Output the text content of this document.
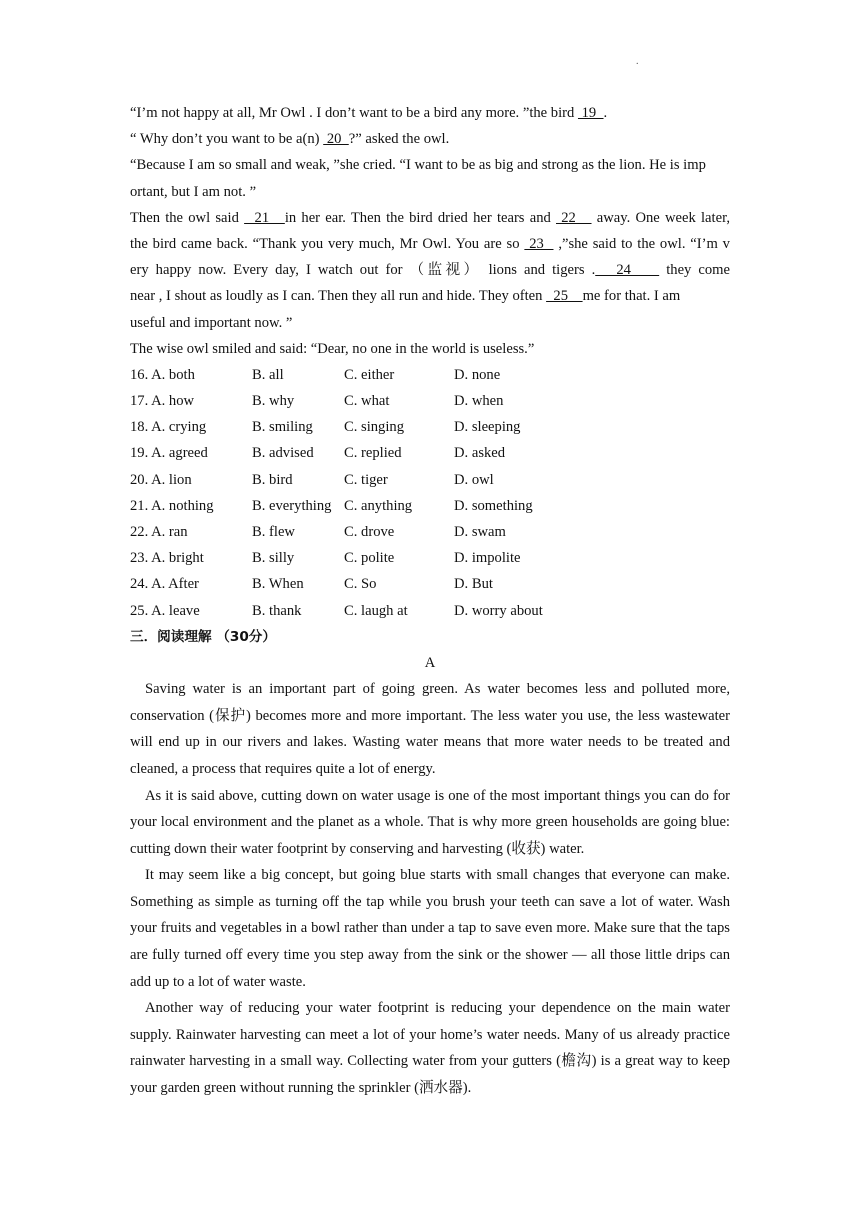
.
“I’m not happy at all, Mr Owl . I don’t want to be a bird any more. ”the bird  19  .
“ Why don’t you want to be a(n)  20  ?” asked the owl.
“Because I am so small and weak, ”she cried. “I want to be as big and strong as the lion. He is imp
ortant, but I am not. ”
Then the owl said   21   in her ear. Then the bird dried her tears and  22    away. One week later,
the bird came back. “Thank you very much, Mr Owl. You are so  23   ,”she said to the owl. “I’m v
ery happy now. Every day, I watch out for （监视） lions and tigers .   24     they come
near , I shout as loudly as I can. Then they all run and hide. They often   25    me for that. I am
useful and important now. ”
The wise owl smiled and said: “Dear, no one in the world is useless.”
16. A. both	B. all	C. either	D. none
17. A. how	B. why	C. what	D. when
18. A. crying	B. smiling	C. singing	D. sleeping
19. A. agreed	B. advised	C. replied	D. asked
20. A. lion	B. bird	C. tiger	D. owl
21. A. nothing	B. everything C. anything	D. something
22. A. ran	B. flew	C. drove	D. swam
23. A. bright	B. silly	C. polite	D. impolite
24. A. After	B. When	C. So	D. But
25. A. leave	B. thank	C. laugh at	D. worry about
三．阅读理解 （30分）
A

Saving water is an important part of going green. As water becomes less and polluted more, conservation (保护) becomes more and more important. The less water you use, the less wastewater will end up in our rivers and lakes. Wasting water means that more water needs to be treated and cleaned, a process that requires quite a lot of energy.

As it is said above, cutting down on water usage is one of the most important things you can do for your local environment and the planet as a whole. That is why more green households are going blue: cutting down their water footprint by conserving and harvesting (收获) water.

It may seem like a big concept, but going blue starts with small changes that everyone can make. Something as simple as turning off the tap while you brush your teeth can save a lot of water. Wash your fruits and vegetables in a bowl rather than under a tap to save even more. Make sure that the taps are fully turned off every time you step away from the sink or the shower — all those little drips can add up to a lot of water waste.

Another way of reducing your water footprint is reducing your dependence on the main water supply. Rainwater harvesting can meet a lot of your home’s water needs. Many of us already practice rainwater harvesting in a small way. Collecting water from your gutters (檐沟) is a great way to keep your garden green without running the sprinkler (洒水器).
